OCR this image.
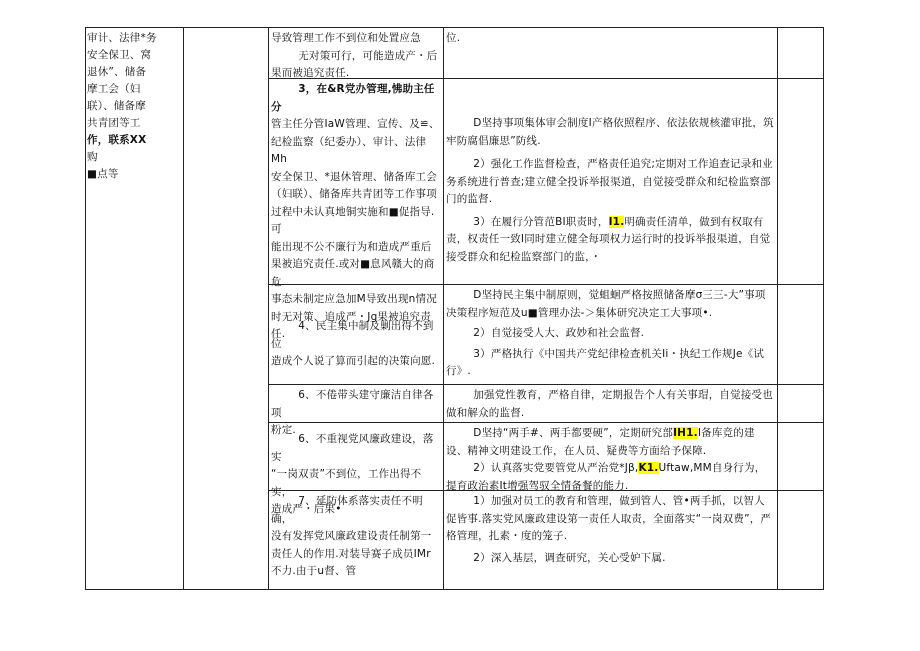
审计、法律*务

安全保卫、窝

退休”、储备

摩工会（妇

联）、储备摩

共青团等工

作，联系XX

购

■点等

导致管理工作不到位和处置应急

无对策可行，可能造成产・后

果而被追究责任.

位.

3，在&R党办管理,怫助主任分

管主任分管IaW管理、宣传、及≌、

纪检监察（纪委办）、审计、法律Mh

安全保卫、*退休管理、储备库工会

（妇联）、储备库共青团等工作事项

过程中未认真地铜实施和■促指导.可

能出现不公不廉行为和造成严重后

果被追究责任.或对■息风赣大的商危

事态未制定应急加M导致出现n情况

时无对策、追成严・Jg果被追究责任.

D坚持事项集体审会制度I产格依照程序、依法依规核灌审批，筑牢防腐倡廉思”防线.

2）强化工作监督检查，严格责任追究;定期对工作追查记录和业务系统进行普查;建立健全投诉举报渠道，自觉接受群众和纪检监察部门的监督.

3）在履行分管范BI职责时，I1.明确责任清单，做到有权取有责，权责任一致I同时建立健全每项权力运行时的投诉举报渠道，自觉接受群众和纪检监察部门的监，・

4、民主集中制及剿出得不到位

造成个人说了算而引起的决策向愿.

D坚持民主集中制原则，觉蛆蛔严格按照储备摩σ三三-大”事项决策程序短范及u■管理办法-＞集体研究决定工大事项•.

2）自觉接受人大、政妙和社会监督.

3）严格执行《中国共产党纪律检查机关Ii・执纪工作规Je《试行》.

6、不倦带头建守廉洁自律各项

粉定.

加强党性教育，严格自律，定期报告个人有关事瑁，自觉接受也做和解众的监督.

6、不重视党风廉政建设，落实

“一岗双责”不到位，工作出得不实，

造成严・后果•

D坚持“两手#、两手都要硬”，定期研究部IH1.I备库竞的建设、精神文明建设工作，在人员、疑费等方面给予保障.

2）认真落实党要管党从严治党*Jβ,K1.Uftaw,MM自身行为，提育政治素It增强驾驭全情备餐的能力.

7、延防体系落实责任不明确，

没有发挥党风廉政建设责任制第一

责任人的作用.对装导赛子成员IMr

不力.由于u督、管

1）加强对员工的教育和管理，做到管人、管•两手抓，以智人促皆事.落实党风廉政建设第一责任人取责，全面落实“一岗双费”，严格管理，扎素・度的笼子.

2）深入基层，调查研究，关心受妒下属.
